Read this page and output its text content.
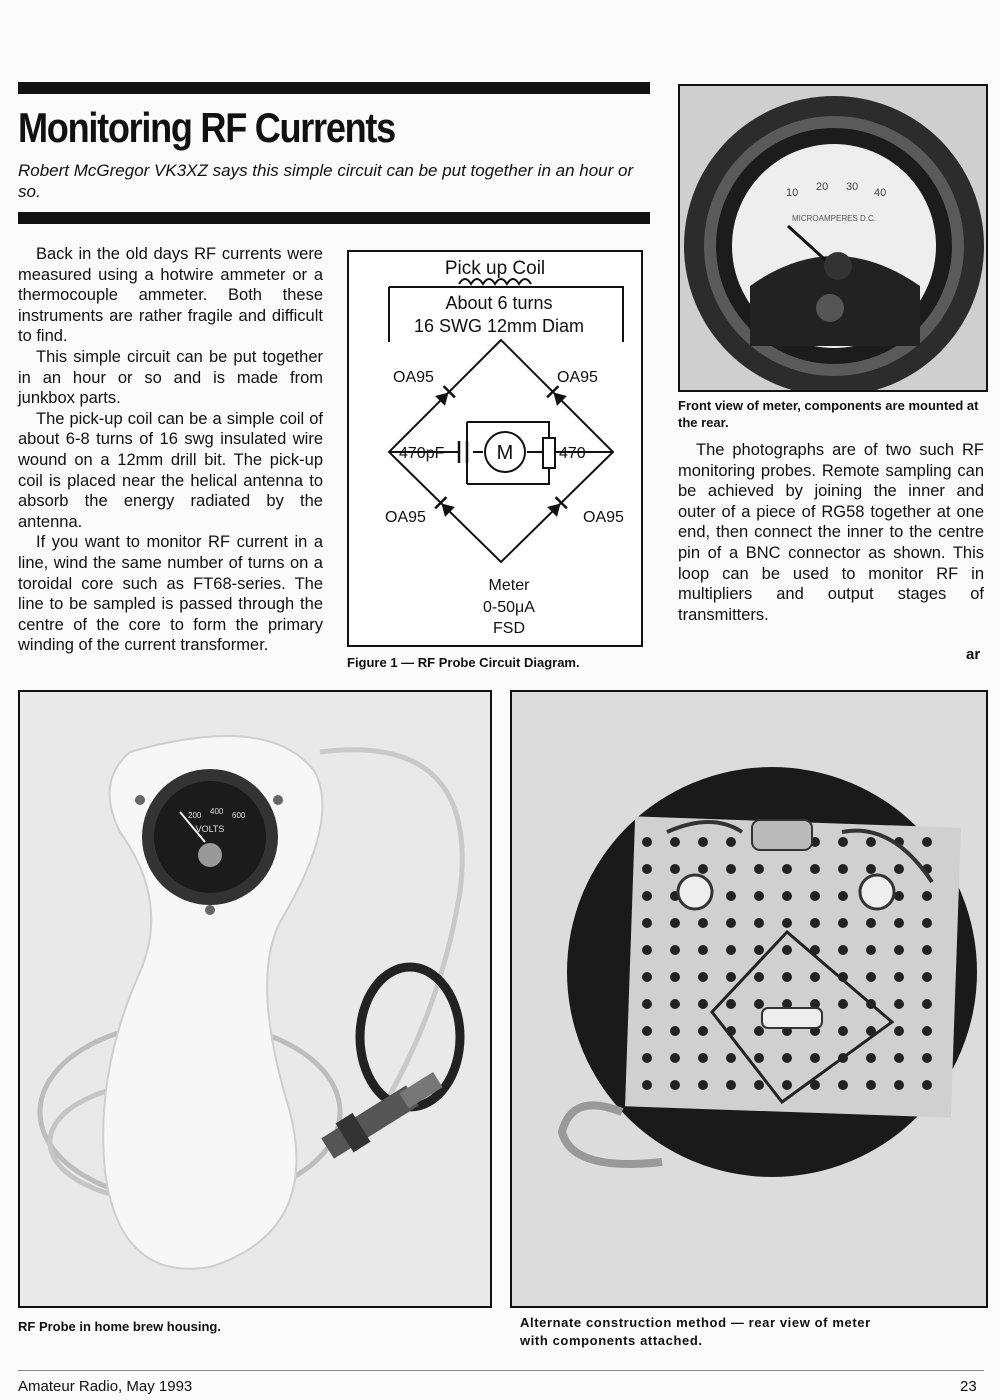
Monitoring RF Currents

Robert McGregor VK3XZ says this simple circuit can be put together in an hour or so.

Back in the old days RF currents were measured using a hotwire ammeter or a thermocouple ammeter. Both these instruments are rather fragile and difficult to find.

This simple circuit can be put together in an hour or so and is made from junkbox parts.

The pick-up coil can be a simple coil of about 6-8 turns of 16 swg insulated wire wound on a 12mm drill bit. The pick-up coil is placed near the helical antenna to absorb the energy radiated by the antenna.

If you want to monitor RF current in a line, wind the same number of turns on a toroidal core such as FT68-series. The line to be sampled is passed through the centre of the core to form the primary winding of the current transformer.

Pick up Coil
About 6 turns
16 SWG 12mm Diam
OA95	OA95
OA95	OA95
M
470pF	470
Meter
0-50μA
FSD
Figure 1 — RF Probe Circuit Diagram.
10 20 30 40
MICROAMPERES D.C.
Front view of meter, components are mounted at the rear.

The photographs are of two such RF monitoring probes. Remote sampling can be achieved by joining the inner and outer of a piece of RG58 together at one end, then connect the inner to the centre pin of a BNC connector as shown. This loop can be used to monitor RF in multipliers and output stages of transmitters.

ar
VOLTS
200 400 600
RF Probe in home brew housing.	Alternate construction method — rear view of meter
with components attached.
Amateur Radio, May 1993	23
